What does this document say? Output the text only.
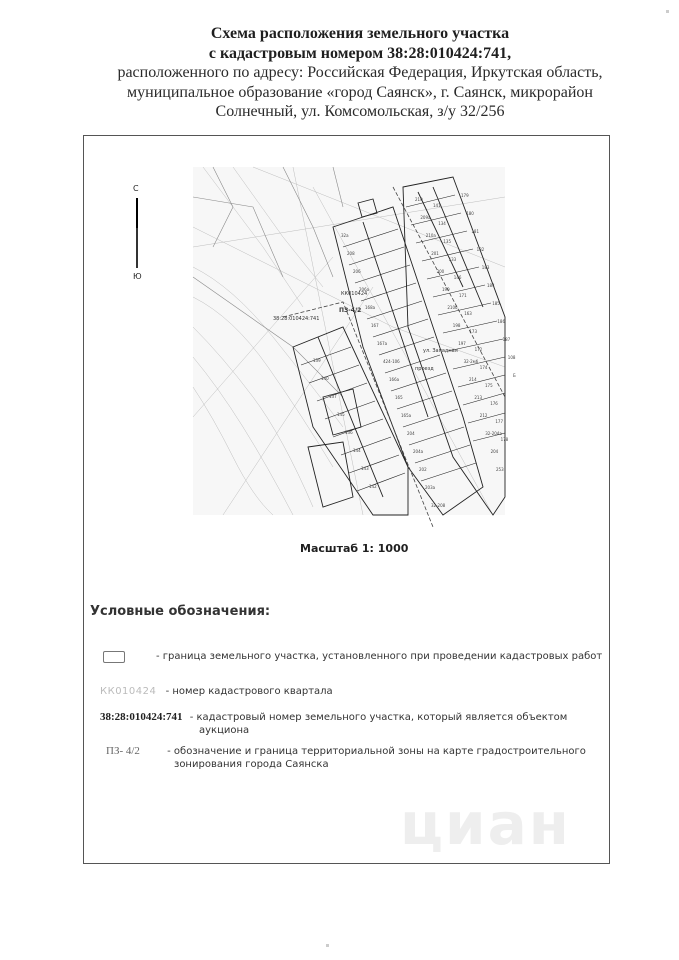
Схема расположения земельного участка
с кадастровым номером 38:28:010424:741,
расположенного по адресу: Российская Федерация, Иркутская область,
муниципальное образование «город Саянск», г. Саянск, микрорайон
Солнечный, ул. Комсомольская, з/у 32/256
С
Ю
КК010424
38:28:010424:741
ПЗ-4/2
ул. Западная
проезд
32а
208
206
206а
168а
167
167а
424-106
166а
165
165а
204
204а
202
203а
32-208
210
209а
210а
201
200
199
210б
198
197
32-2мб
214
213
212
32-204а
204
253
139
140
137
145
136
144
143
142
141
134
135
133
146
171
163
173
172
174
175
176
177
178
179
180
181
182
183
184
185
186
187
108
Б
Масштаб 1: 1000
Условные обозначения:
- граница земельного участка, установленного при проведении кадастровых работ
КК010424 - номер кадастрового квартала
38:28:010424:741 - кадастровый номер земельного участка, который является объектом
аукциона
ПЗ- 4/2	- обозначение и граница территориальной зоны на карте градостроительного
зонирования города Саянска
циан
